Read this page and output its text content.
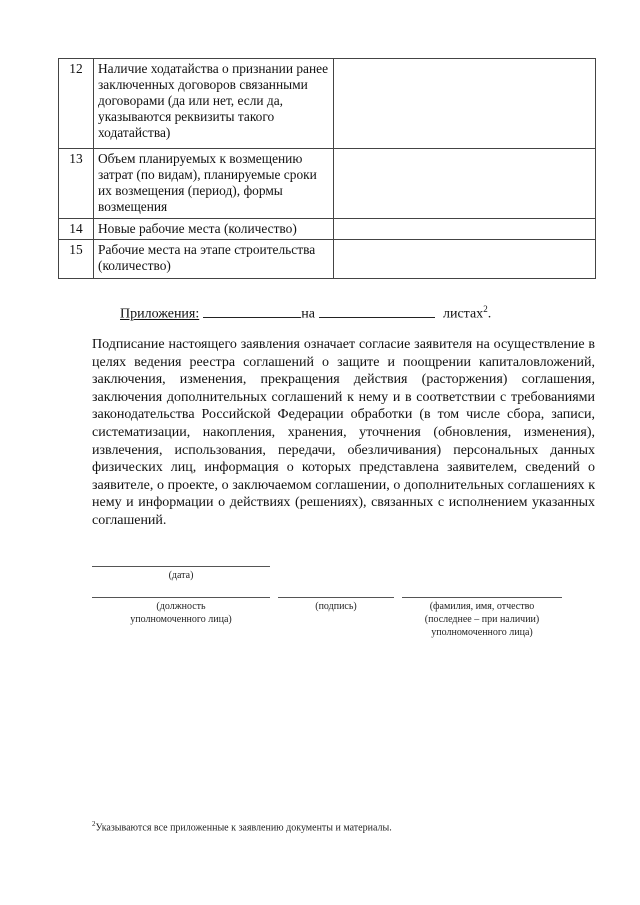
12	Наличие ходатайства о признании ранее заключенных договоров связанными договорами (да или нет, если да, указываются реквизиты такого ходатайства)	
13	Объем планируемых к возмещению затрат (по видам), планируемые сроки их возмещения (период), формы возмещения	
14	Новые рабочие места (количество)	
15	Рабочие места на этапе строительства (количество)	
Приложения:	на	листах$^2$.
Подписание настоящего заявления означает согласие заявителя на осуществление в целях ведения реестра соглашений о защите и поощрении капиталовложений, заключения, изменения, прекращения действия (расторжения) соглашения, заключения дополнительных соглашений к нему и в соответствии с требованиями законодательства Российской Федерации обработки (в том числе сбора, записи, систематизации, накопления, хранения, уточнения (обновления, изменения), извлечения, использования, передачи, обезличивания) персональных данных физических лиц, информация о которых представлена заявителем, сведений о заявителе, о проекте, о заключаемом соглашении, о дополнительных соглашениях к нему и информации о действиях (решениях), связанных с исполнением указанных соглашений.
(дата)
(должность
уполномоченного лица)
(подпись)	(фамилия, имя, отчество
(последнее – при наличии)
уполномоченного лица)
$^2$Указываются все приложенные к заявлению документы и материалы.
